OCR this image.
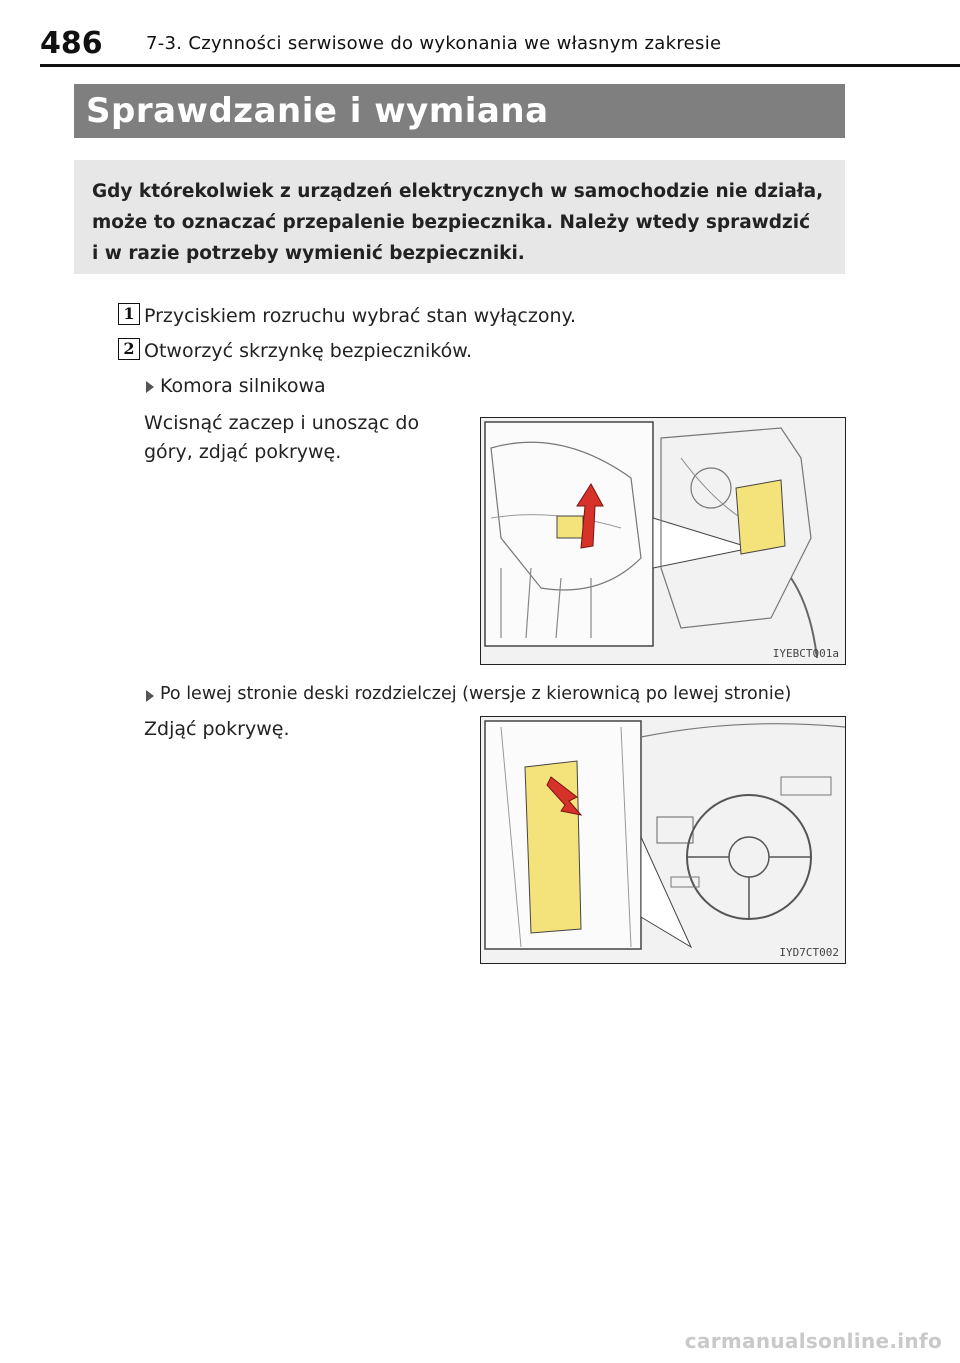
486 7-3. Czynności serwisowe do wykonania we własnym zakresie
Sprawdzanie i wymiana
Gdy którekolwiek z urządzeń elektrycznych w samochodzie nie działa,
może to oznaczać przepalenie bezpiecznika. Należy wtedy sprawdzić
i w razie potrzeby wymienić bezpieczniki.
1 Przyciskiem rozruchu wybrać stan wyłączony.
2 Otworzyć skrzynkę bezpieczników.
Komora silnikowa
Wcisnąć zaczep i unosząc do
góry, zdjąć pokrywę.
IYEBCT001a
Po lewej stronie deski rozdzielczej (wersje z kierownicą po lewej stronie)
Zdjąć pokrywę.
IYD7CT002
carmanualsonline.info
